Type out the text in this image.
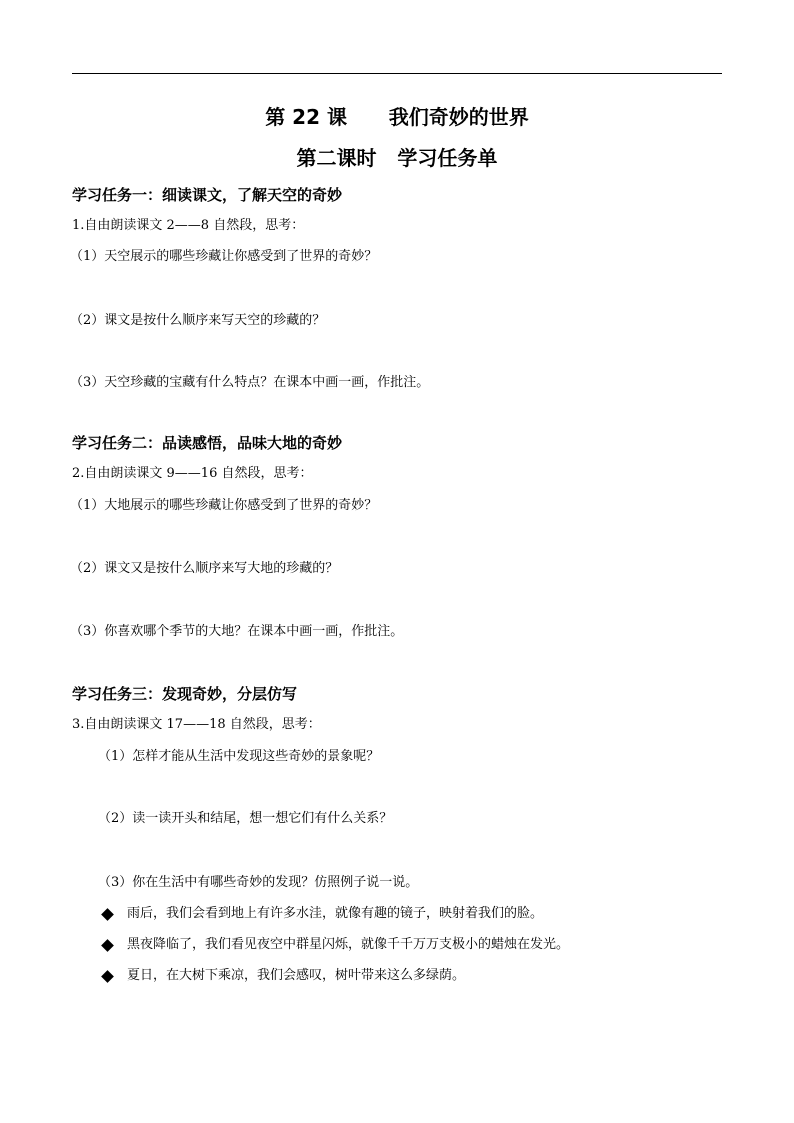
第 22 课      我们奇妙的世界
第二课时   学习任务单
学习任务一：细读课文，了解天空的奇妙
1.自由朗读课文 2——8 自然段，思考：
（1）天空展示的哪些珍藏让你感受到了世界的奇妙？
（2）课文是按什么顺序来写天空的珍藏的？
（3）天空珍藏的宝藏有什么特点？在课本中画一画，作批注。
学习任务二：品读感悟，品味大地的奇妙
2.自由朗读课文 9——16 自然段，思考：
（1）大地展示的哪些珍藏让你感受到了世界的奇妙？
（2）课文又是按什么顺序来写大地的珍藏的？
（3）你喜欢哪个季节的大地？在课本中画一画，作批注。
学习任务三：发现奇妙，分层仿写
3.自由朗读课文 17——18 自然段，思考：
（1）怎样才能从生活中发现这些奇妙的景象呢？
（2）读一读开头和结尾，想一想它们有什么关系？
（3）你在生活中有哪些奇妙的发现？仿照例子说一说。
雨后，我们会看到地上有许多水洼，就像有趣的镜子，映射着我们的脸。
黑夜降临了，我们看见夜空中群星闪烁，就像千千万万支极小的蜡烛在发光。
夏日，在大树下乘凉，我们会感叹，树叶带来这么多绿荫。
